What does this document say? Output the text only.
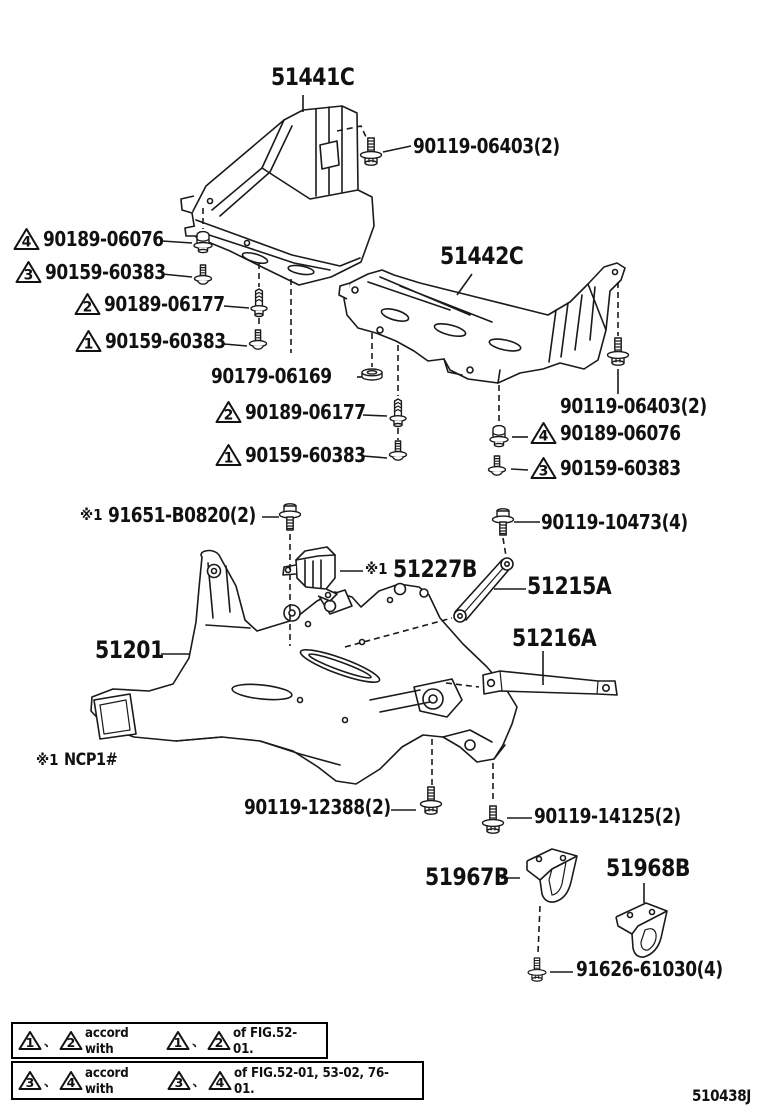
51441C
90119-06403(2)
4 90189-06076
3 90159-60383
2 90189-06177
1 90159-60383
51442C
90179-06169
2 90189-06177
1 90159-60383
90119-06403(2)
4 90189-06076
3 90159-60383
※1 91651-B0820(2)	90119-10473(4)
※1 51227B
51215A
51216A
51201
※1 NCP1#
90119-12388(2)	90119-14125(2)
51967B	51968B
91626-61030(4)
1 、 2
accord with	1 、 2
of FIG.52-01.
3 、 4
accord with	3 、 4
of FIG.52-01, 53-02, 76-01.	510438J
